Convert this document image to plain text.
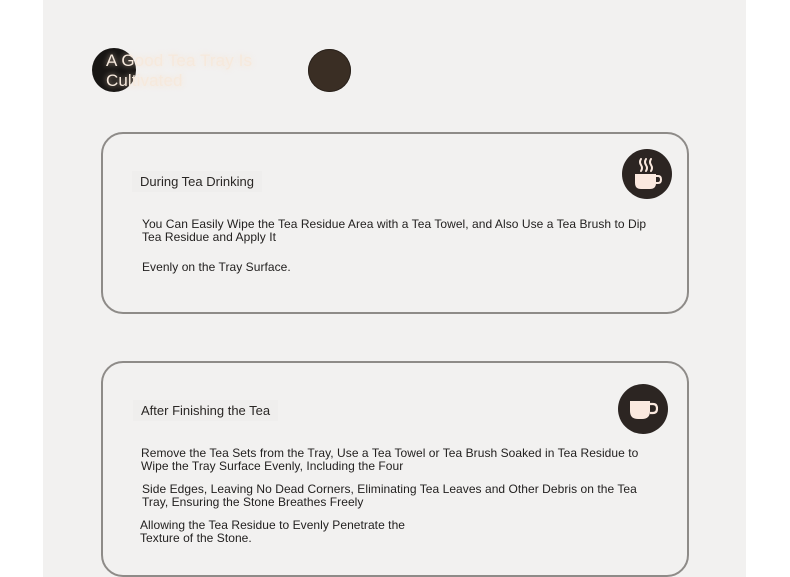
A Good Tea Tray Is Cultivated
During Tea Drinking
You Can Easily Wipe the Tea Residue Area with a Tea Towel, and Also Use a Tea Brush to Dip Tea Residue and Apply It
Evenly on the Tray Surface.
After Finishing the Tea
Remove the Tea Sets from the Tray, Use a Tea Towel or Tea Brush Soaked in Tea Residue to Wipe the Tray Surface Evenly, Including the Four
Side Edges, Leaving No Dead Corners, Eliminating Tea Leaves and Other Debris on the Tea Tray, Ensuring the Stone Breathes Freely
Allowing the Tea Residue to Evenly Penetrate the Texture of the Stone.
